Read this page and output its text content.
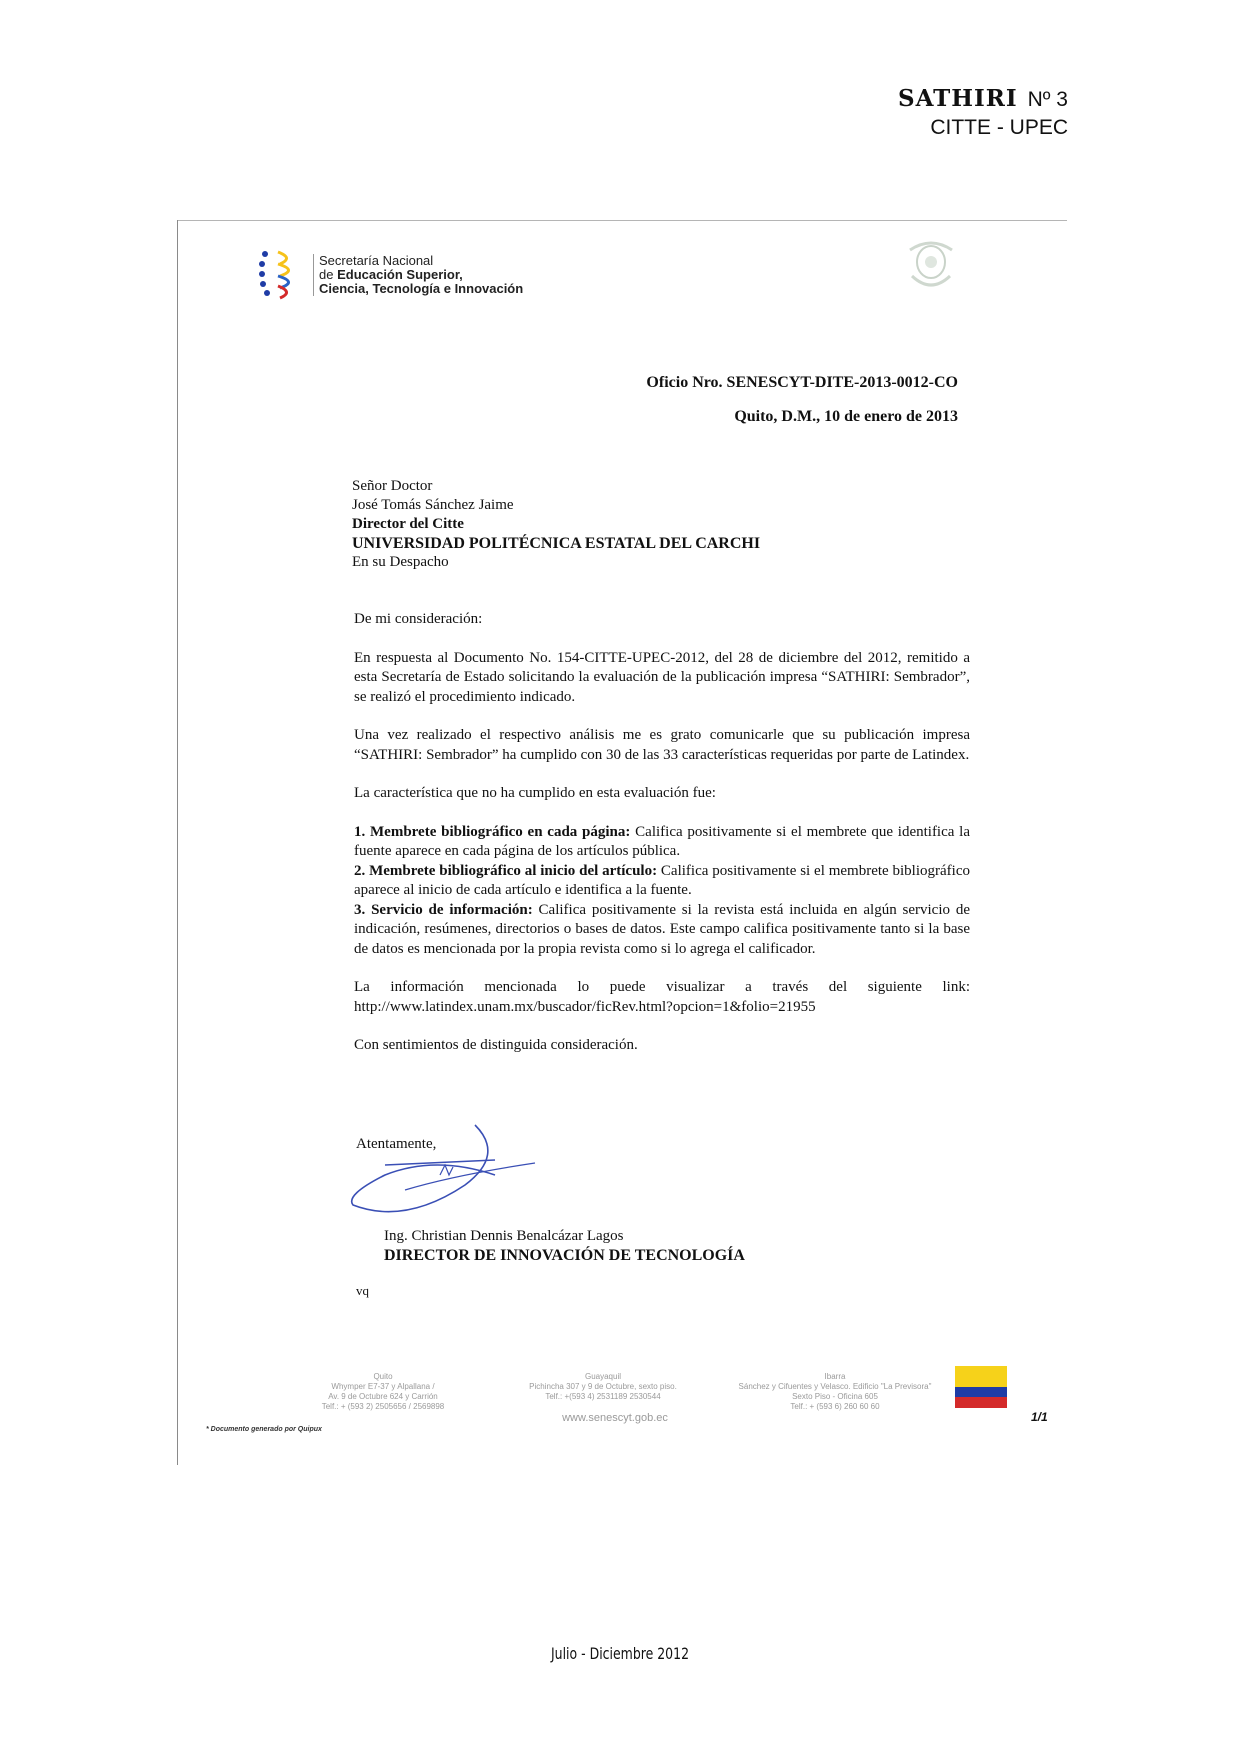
SATHIRI Nº 3
CITTE - UPEC
Secretaría Nacional
de Educación Superior,
Ciencia, Tecnología e Innovación
Oficio Nro. SENESCYT-DITE-2013-0012-CO
Quito, D.M., 10 de enero de 2013
Señor Doctor
José Tomás Sánchez Jaime
Director del Citte
UNIVERSIDAD POLITÉCNICA ESTATAL DEL CARCHI
En su Despacho

De mi consideración:

En respuesta al Documento No. 154-CITTE-UPEC-2012, del 28 de diciembre del 2012, remitido a esta Secretaría de Estado solicitando la evaluación de la publicación impresa “SATHIRI: Sembrador”, se realizó el procedimiento indicado.

Una vez realizado el respectivo análisis me es grato comunicarle que su publicación impresa “SATHIRI: Sembrador” ha cumplido con 30 de las 33 características requeridas por parte de Latindex.

La característica que no ha cumplido en esta evaluación fue:

1. Membrete bibliográfico en cada página: Califica positivamente si el membrete que identifica la fuente aparece en cada página de los artículos pública.

2. Membrete bibliográfico al inicio del artículo: Califica positivamente si el membrete bibliográfico aparece al inicio de cada artículo e identifica a la fuente.

3. Servicio de información: Califica positivamente si la revista está incluida en algún servicio de indicación, resúmenes, directorios o bases de datos. Este campo califica positivamente tanto si la base de datos es mencionada por la propia revista como si lo agrega el calificador.

La información mencionada lo puede visualizar a través del siguiente link:

http://www.latindex.unam.mx/buscador/ficRev.html?opcion=1&folio=21955

Con sentimientos de distinguida consideración.

Atentamente,
Ing. Christian Dennis Benalcázar Lagos
DIRECTOR DE INNOVACIÓN DE TECNOLOGÍA
vq
Quito
Whymper E7-37 y Alpallana /
Av. 9 de Octubre 624 y Carrión
Telf.: + (593 2) 2505656 / 2569898
Guayaquil
Pichincha 307 y 9 de Octubre, sexto piso.
Telf.: +(593 4) 2531189 2530544
Ibarra
Sánchez y Cifuentes y Velasco. Edificio "La Previsora"
Sexto Piso - Oficina 605
Telf.: + (593 6) 260 60 60
www.senescyt.gob.ec	1/1
* Documento generado por Quipux
Julio - Diciembre 2012
